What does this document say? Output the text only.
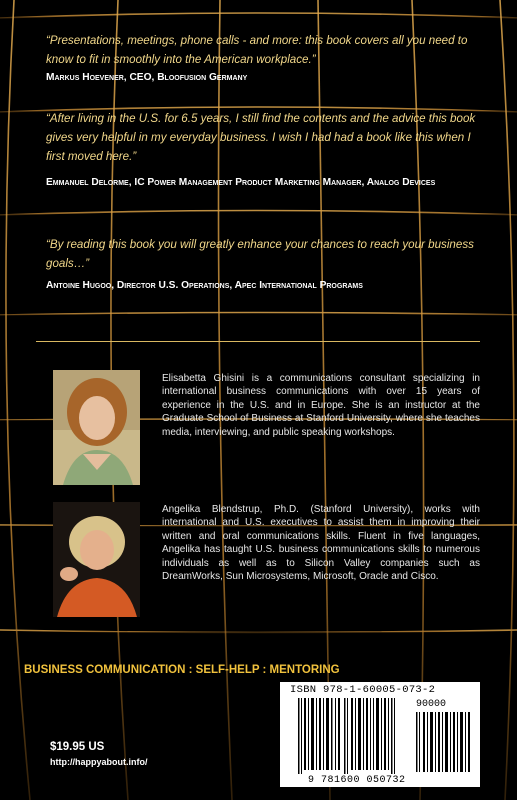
“Presentations, meetings, phone calls - and more: this book covers all you need to know to fit in smoothly into the American workplace.”
Markus Hoevener, CEO, Bloofusion Germany
“After living in the U.S. for 6.5 years, I still find the contents and the advice this book gives very helpful in my everyday business. I wish I had had a book like this when I first moved here.”
Emmanuel Delorme, IC Power Management Product Marketing Manager, Analog Devices
“By reading this book you will greatly enhance your chances to reach your business goals…”
Antoine Hugoo, Director U.S. Operations, Apec International Programs
Elisabetta Ghisini is a communications consultant specializing in international business communications with over 15 years of experience in the U.S. and in Europe. She is an instructor at the Graduate School of Business at Stanford University, where she teaches media, interviewing, and public speaking workshops.
Angelika Blendstrup, Ph.D. (Stanford University), works with international and U.S. executives to assist them in improving their written and oral communications skills. Fluent in five languages, Angelika has taught U.S. business communications skills to numerous individuals as well as to Silicon Valley companies such as DreamWorks, Sun Microsystems, Microsoft, Oracle and Cisco.
BUSINESS COMMUNICATION : SELF-HELP : MENTORING
$19.95 US
http://happyabout.info/
ISBN 978-1-60005-073-2
90000
9 781600 050732
